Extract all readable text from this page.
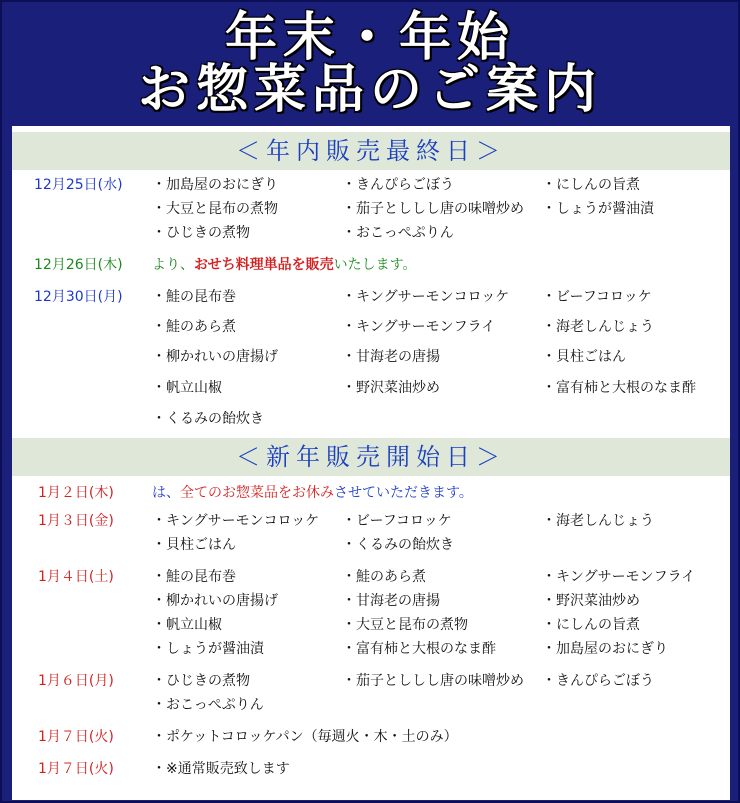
年末・年始
お惣菜品のご案内
＜年内販売最終日＞
12月25日(水) ・加島屋のおにぎり	・きんぴらごぼう	・にしんの旨煮
・大豆と昆布の煮物	・茄子とししし唐の味噌炒め ・しょうが醤油漬
・ひじきの煮物	・おこっぺぷりん
12月26日(木) より、おせち料理単品を販売いたします。
12月30日(月) ・鮭の昆布巻	・キングサーモンコロッケ ・ビーフコロッケ
・鮭のあら煮	・キングサーモンフライ	・海老しんじょう
・柳かれいの唐揚げ	・甘海老の唐揚	・貝柱ごはん
・帆立山椒	・野沢菜油炒め	・富有柿と大根のなま酢
・くるみの飴炊き
＜新年販売開始日＞
1月２日(木)	は、全てのお惣菜品をお休みさせていただきます。
1月３日(金)	・キングサーモンコロッケ ・ビーフコロッケ	・海老しんじょう
・貝柱ごはん	・くるみの飴炊き
1月４日(土)	・鮭の昆布巻	・鮭のあら煮	・キングサーモンフライ
・柳かれいの唐揚げ	・甘海老の唐揚	・野沢菜油炒め
・帆立山椒	・大豆と昆布の煮物	・にしんの旨煮
・しょうが醤油漬	・富有柿と大根のなま酢	・加島屋のおにぎり
1月６日(月)	・ひじきの煮物	・茄子とししし唐の味噌炒め ・きんぴらごぼう
・おこっぺぷりん
1月７日(火)	・ポケットコロッケパン（毎週火・木・土のみ）
1月７日(火)	・※通常販売致します
